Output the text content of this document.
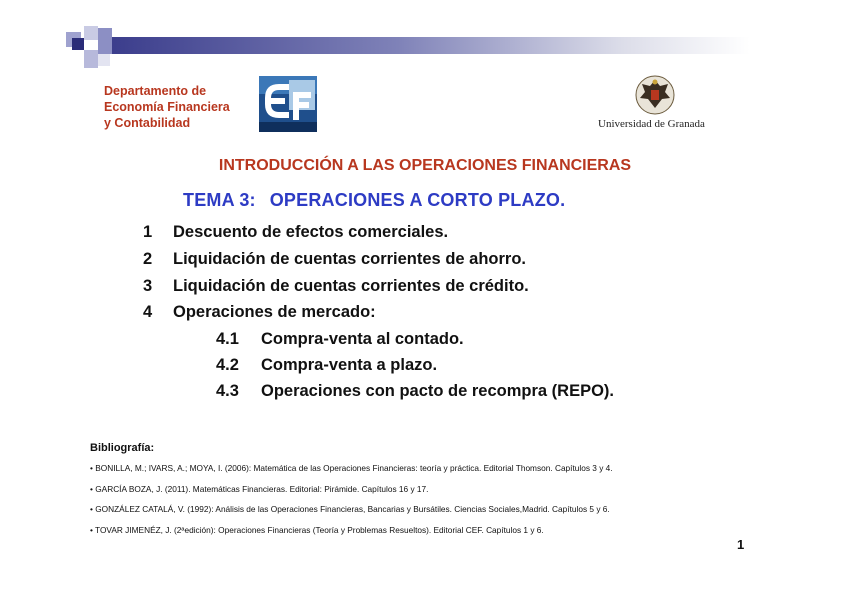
Departamento de
Economía Financiera
y Contabilidad	Universidad de Granada
INTRODUCCIÓN A LAS OPERACIONES FINANCIERAS
TEMA 3: OPERACIONES A CORTO PLAZO.
1 Descuento de efectos comerciales.
2 Liquidación de cuentas corrientes de ahorro.
3 Liquidación de cuentas corrientes de crédito.
4 Operaciones de mercado:
4.1 Compra-venta al contado.
4.2 Compra-venta a plazo.
4.3 Operaciones con pacto de recompra (REPO).
Bibliografía:
• BONILLA, M.; IVARS, A.; MOYA, I. (2006): Matemática de las Operaciones Financieras: teoría y práctica. Editorial Thomson. Capítulos 3 y 4.
• GARCÍA BOZA, J. (2011). Matemáticas Financieras. Editorial: Pirámide. Capítulos 16 y 17.
• GONZÁLEZ CATALÁ, V. (1992): Análisis de las Operaciones Financieras, Bancarias y Bursátiles. Ciencias Sociales,Madrid. Capítulos 5 y 6.
• TOVAR JIMENÉZ, J. (2ªedición): Operaciones Financieras (Teoría y Problemas Resueltos). Editorial CEF. Capítulos 1 y 6.
1
